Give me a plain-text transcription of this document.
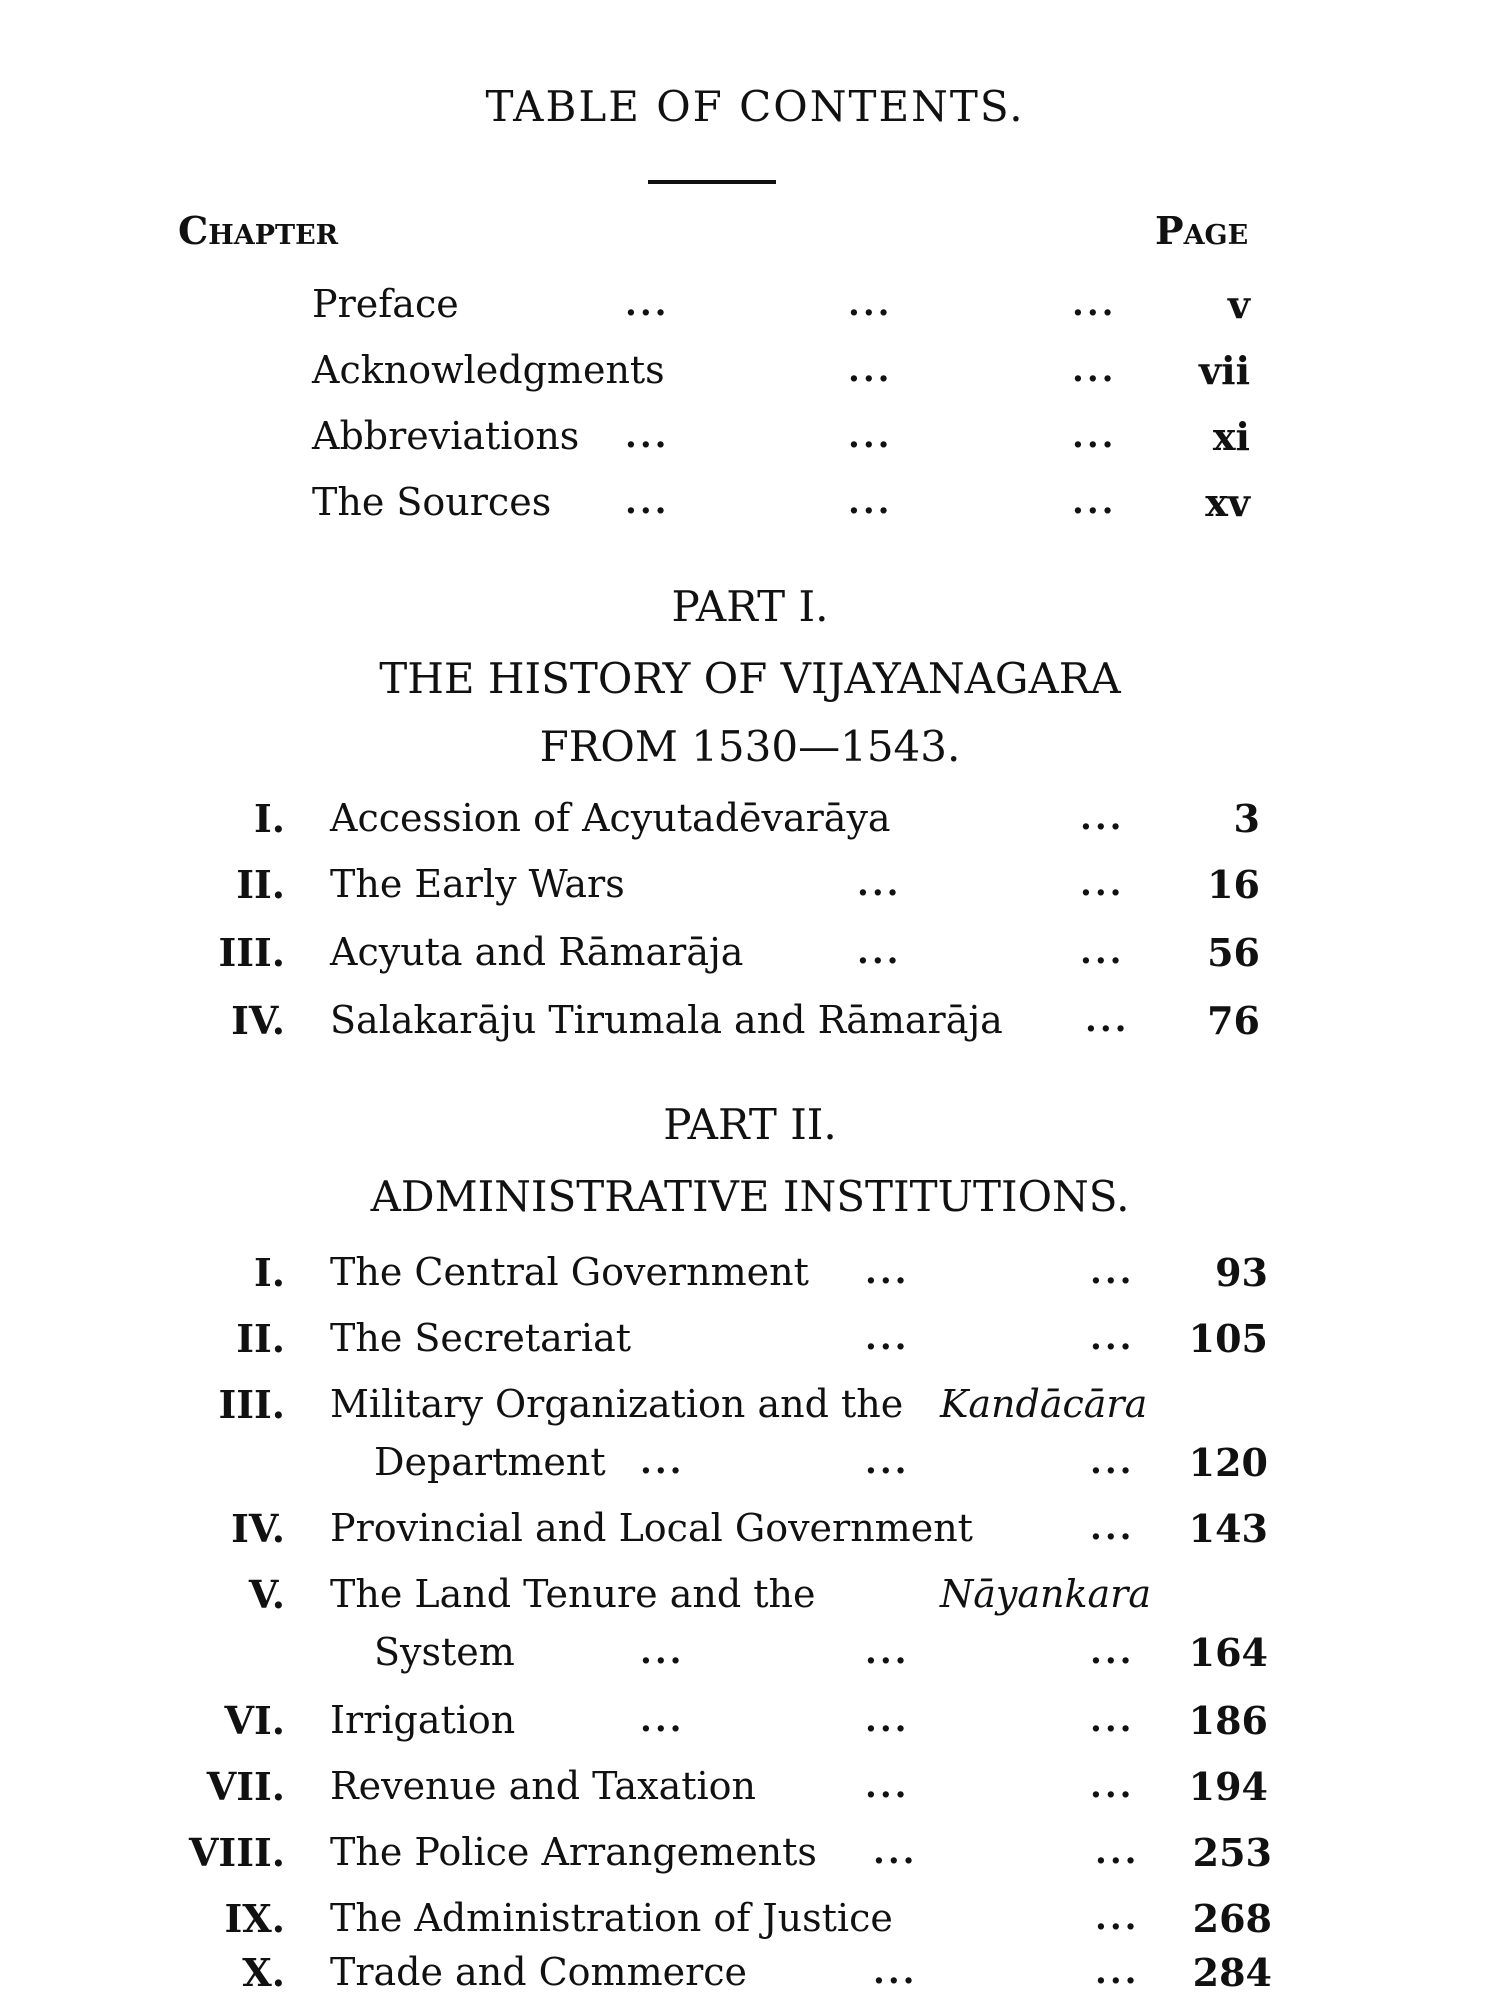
TABLE OF CONTENTS.
Chapter	Page
Preface	...	...	...	v
Acknowledgments	...	...	vii
Abbreviations ...	...	...	xi
The Sources ...	...	...	xv
PART I.
THE HISTORY OF VIJAYANAGARA
FROM 1530—1543.
I. Accession of Acyutadēvarāya	...	3
II. The Early Wars	...	...	16
III. Acyuta and Rāmarāja	...	...	56
IV. Salakarāju Tirumala and Rāmarāja ...	76
PART II.
ADMINISTRATIVE INSTITUTIONS.
I. The Central Government ...	...	93
II. The Secretariat	...	...	105
III. Military Organization and the Kandācāra
Department ...	...	...	120
IV. Provincial and Local Government	...	143
V. The Land Tenure and the	Nāyankara
System	...	...	...	164
VI. Irrigation	...	...	...	186
VII. Revenue and Taxation	...	...	194
VIII. The Police Arrangements ...	...	253
IX. The Administration of Justice	...	268
X. Trade and Commerce	...	...	284
